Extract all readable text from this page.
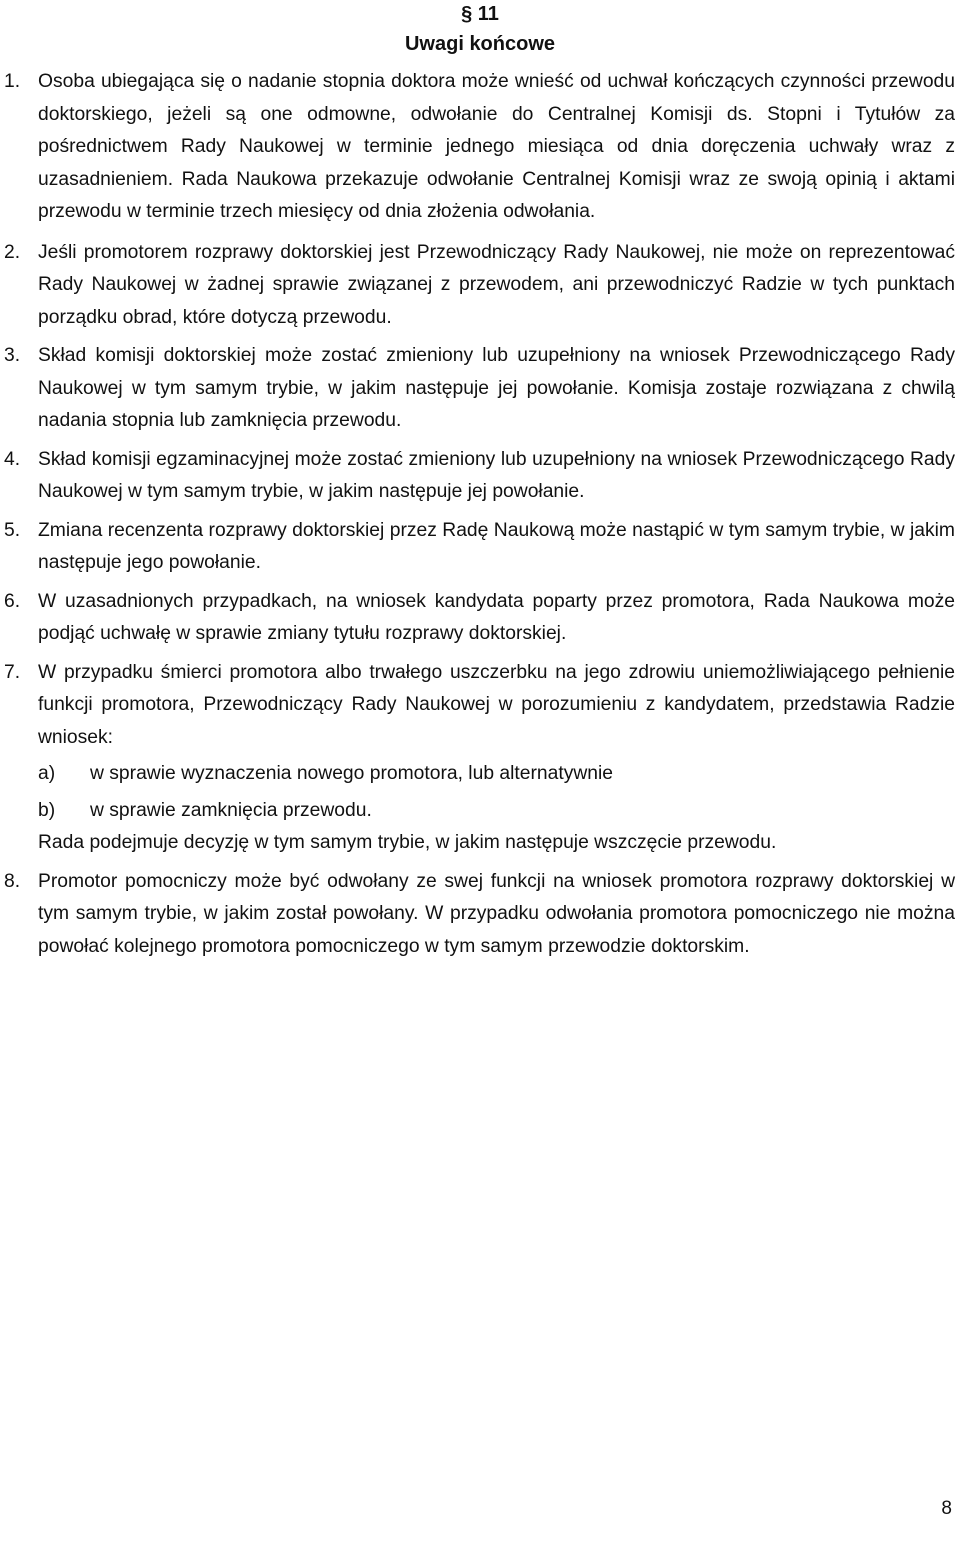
§ 11
Uwagi końcowe
1. Osoba ubiegająca się o nadanie stopnia doktora może wnieść od uchwał kończących czynności przewodu doktorskiego, jeżeli są one odmowne, odwołanie do Centralnej Komisji ds. Stopni i Tytułów za pośrednictwem Rady Naukowej w terminie jednego miesiąca od dnia doręczenia uchwały wraz z uzasadnieniem. Rada Naukowa przekazuje odwołanie Centralnej Komisji wraz ze swoją opinią i aktami przewodu w terminie trzech miesięcy od dnia złożenia odwołania.

2. Jeśli promotorem rozprawy doktorskiej jest Przewodniczący Rady Naukowej, nie może on reprezentować Rady Naukowej w żadnej sprawie związanej z przewodem, ani przewodniczyć Radzie w tych punktach porządku obrad, które dotyczą przewodu.

3. Skład komisji doktorskiej może zostać zmieniony lub uzupełniony na wniosek Przewodniczącego Rady Naukowej w tym samym trybie, w jakim następuje jej powołanie. Komisja zostaje rozwiązana z chwilą nadania stopnia lub zamknięcia przewodu.

4. Skład komisji egzaminacyjnej może zostać zmieniony lub uzupełniony na wniosek Przewodniczącego Rady Naukowej w tym samym trybie, w jakim następuje jej powołanie.

5. Zmiana recenzenta rozprawy doktorskiej przez Radę Naukową może nastąpić w tym samym trybie, w jakim następuje jego powołanie.

6. W uzasadnionych przypadkach, na wniosek kandydata poparty przez promotora, Rada Naukowa może podjąć uchwałę w sprawie zmiany tytułu rozprawy doktorskiej.

7. W przypadku śmierci promotora albo trwałego uszczerbku na jego zdrowiu uniemożliwiającego pełnienie funkcji promotora, Przewodniczący Rady Naukowej w porozumieniu z kandydatem, przedstawia Radzie wniosek:

a) w sprawie wyznaczenia nowego promotora, lub alternatywnie
b) w sprawie zamknięcia przewodu.

Rada podejmuje decyzję w tym samym trybie, w jakim następuje wszczęcie przewodu.

8. Promotor pomocniczy może być odwołany ze swej funkcji na wniosek promotora rozprawy doktorskiej w tym samym trybie, w jakim został powołany. W przypadku odwołania promotora pomocniczego nie można powołać kolejnego promotora pomocniczego w tym samym przewodzie doktorskim.

8
